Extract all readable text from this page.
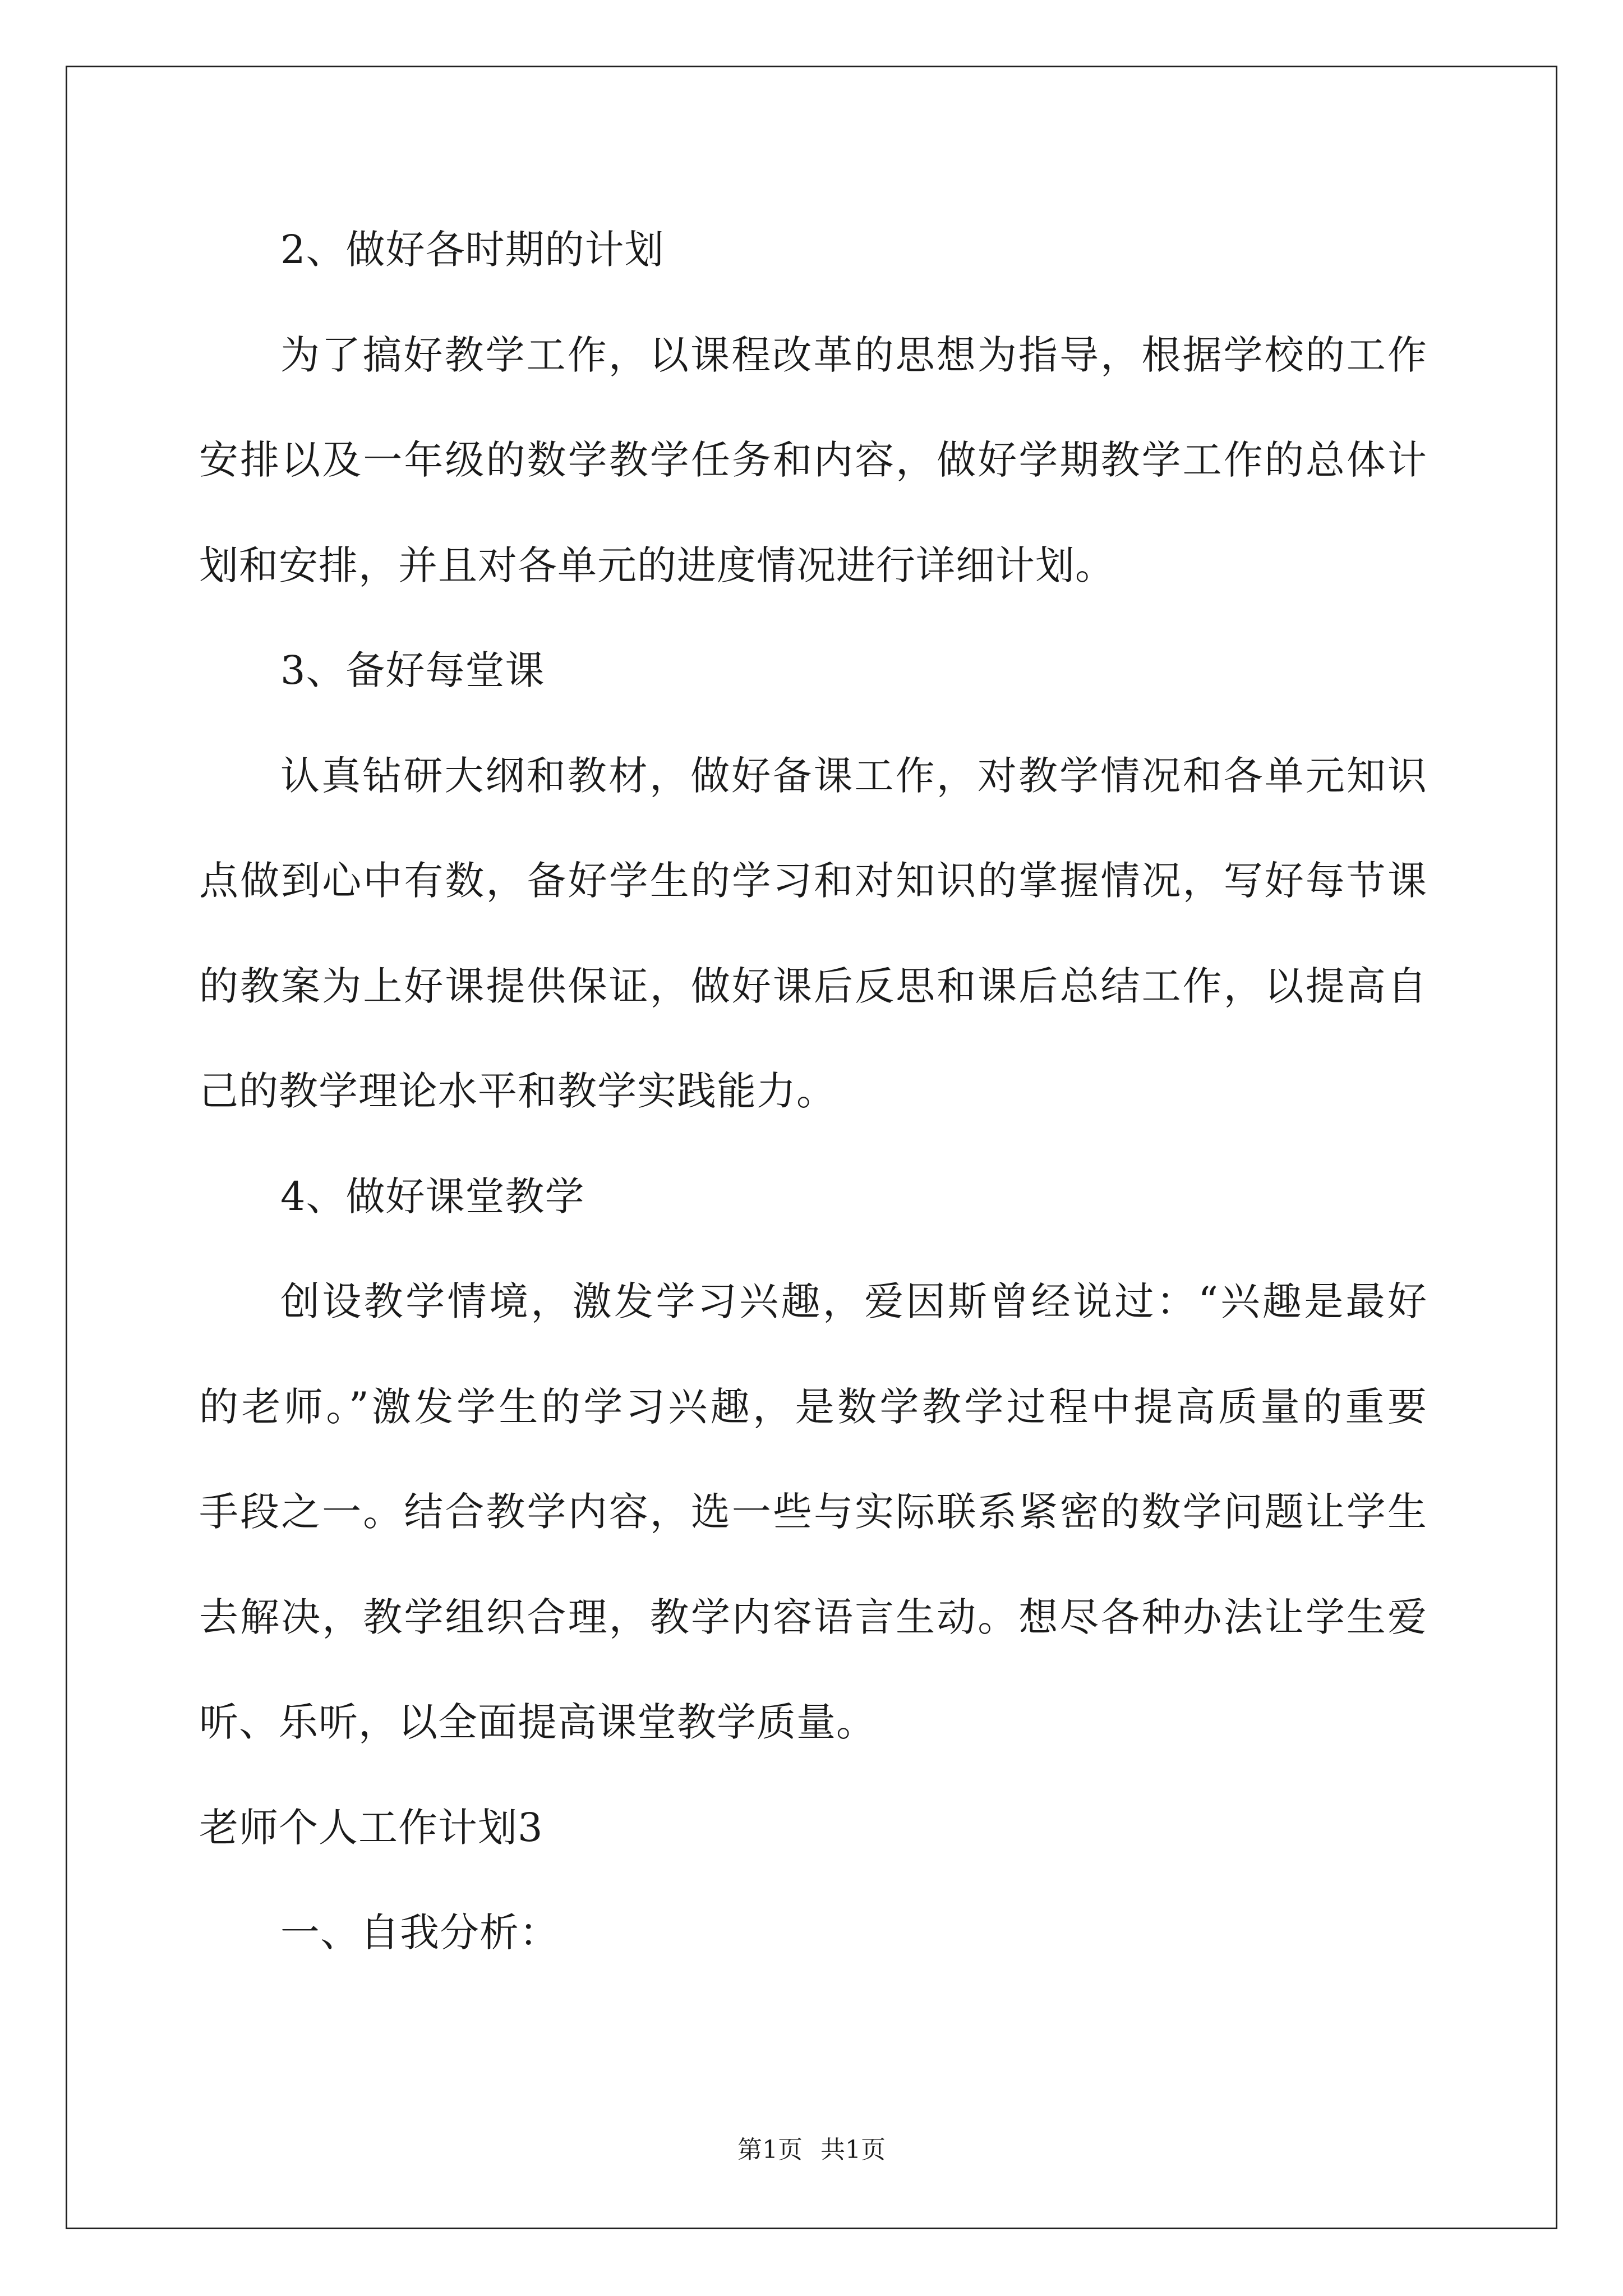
2、做好各时期的计划
为了搞好教学工作，以课程改革的思想为指导，根据学校的工作
安排以及一年级的数学教学任务和内容，做好学期教学工作的总体计
划和安排，并且对各单元的进度情况进行详细计划。
3、备好每堂课
认真钻研大纲和教材，做好备课工作，对教学情况和各单元知识
点做到心中有数，备好学生的学习和对知识的掌握情况，写好每节课
的教案为上好课提供保证，做好课后反思和课后总结工作，以提高自
己的教学理论水平和教学实践能力。
4、做好课堂教学
创设教学情境，激发学习兴趣，爱因斯曾经说过：“兴趣是最好
的老师。”激发学生的学习兴趣，是数学教学过程中提高质量的重要
手段之一。结合教学内容，选一些与实际联系紧密的数学问题让学生
去解决，教学组织合理，教学内容语言生动。想尽各种办法让学生爱
听、乐听，以全面提高课堂教学质量。
老师个人工作计划3
一、自我分析：
第1页 共1页
